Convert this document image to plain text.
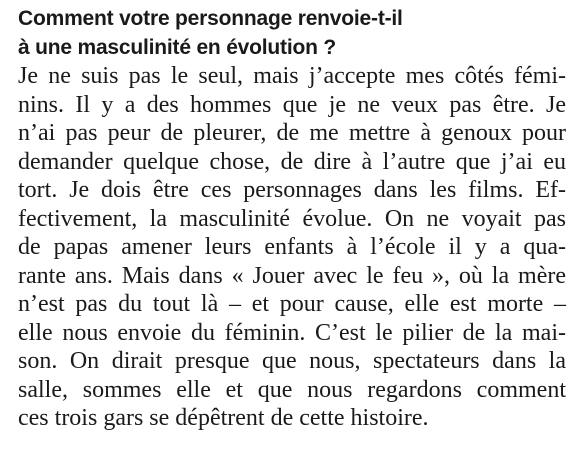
Comment votre personnage renvoie-t-il
à une masculinité en évolution ?
Je ne suis pas le seul, mais j’accepte mes côtés fémi-
nins. Il y a des hommes que je ne veux pas être. Je
n’ai pas peur de pleurer, de me mettre à genoux pour
demander quelque chose, de dire à l’autre que j’ai eu
tort. Je dois être ces personnages dans les films. Ef-
fectivement, la masculinité évolue. On ne voyait pas
de papas amener leurs enfants à l’école il y a qua-
rante ans. Mais dans « Jouer avec le feu », où la mère
n’est pas du tout là – et pour cause, elle est morte –
elle nous envoie du féminin. C’est le pilier de la mai-
son. On dirait presque que nous, spectateurs dans la
salle, sommes elle et que nous regardons comment
ces trois gars se dépêtrent de cette histoire.
